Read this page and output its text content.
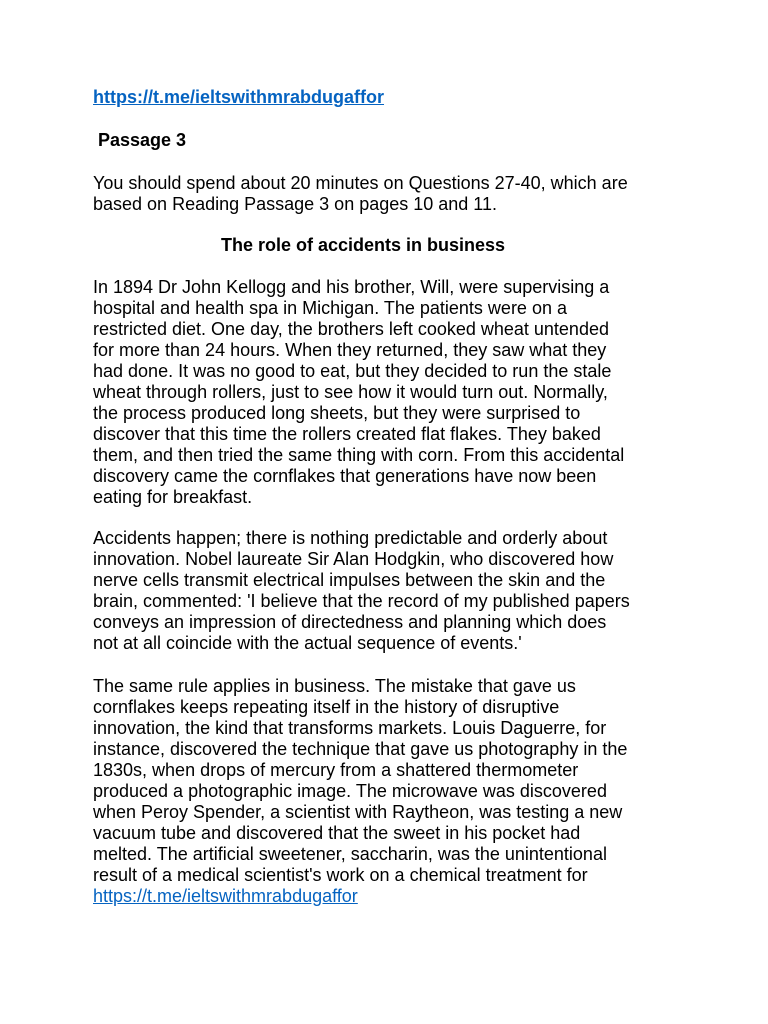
https://t.me/ieltswithmrabdugaffor
Passage 3
You should spend about 20 minutes on Questions 27-40, which are
based on Reading Passage 3 on pages 10 and 11.
The role of accidents in business
In 1894 Dr John Kellogg and his brother, Will, were supervising a
hospital and health spa in Michigan. The patients were on a
restricted diet. One day, the brothers left cooked wheat untended
for more than 24 hours. When they returned, they saw what they
had done. It was no good to eat, but they decided to run the stale
wheat through rollers, just to see how it would turn out. Normally,
the process produced long sheets, but they were surprised to
discover that this time the rollers created flat flakes. They baked
them, and then tried the same thing with corn. From this accidental
discovery came the cornflakes that generations have now been
eating for breakfast.
Accidents happen; there is nothing predictable and orderly about
innovation. Nobel laureate Sir Alan Hodgkin, who discovered how
nerve cells transmit electrical impulses between the skin and the
brain, commented: 'I believe that the record of my published papers
conveys an impression of directedness and planning which does
not at all coincide with the actual sequence of events.'
The same rule applies in business. The mistake that gave us
cornflakes keeps repeating itself in the history of disruptive
innovation, the kind that transforms markets. Louis Daguerre, for
instance, discovered the technique that gave us photography in the
1830s, when drops of mercury from a shattered thermometer
produced a photographic image. The microwave was discovered
when Peroy Spender, a scientist with Raytheon, was testing a new
vacuum tube and discovered that the sweet in his pocket had
melted. The artificial sweetener, saccharin, was the unintentional
result of a medical scientist's work on a chemical treatment for
https://t.me/ieltswithmrabdugaffor
